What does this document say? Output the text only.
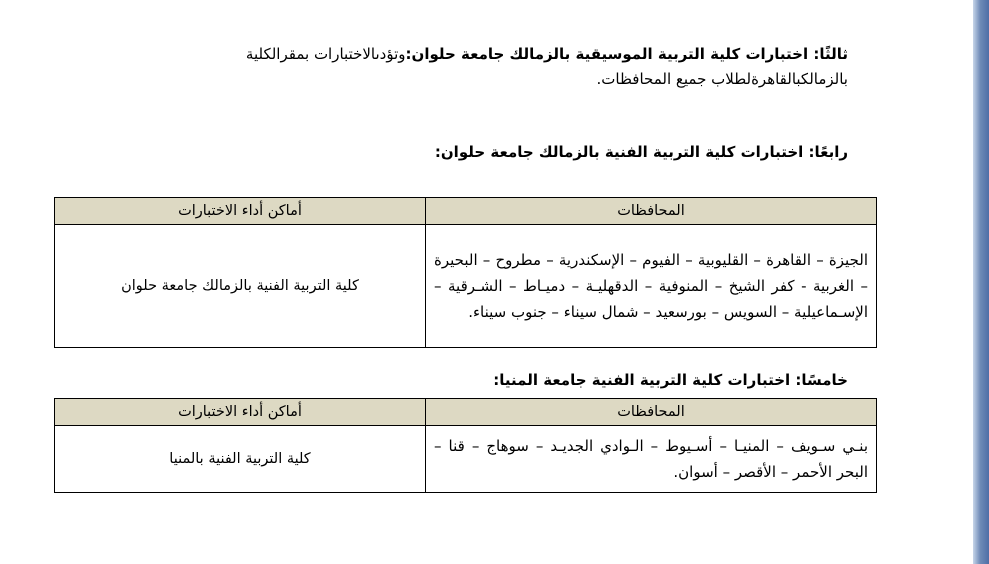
ثالثًا: اختبارات كلية التربية الموسيقية بالزمالك جامعة حلوان:وتؤدىالاختبارات بمقرالكلية بالزمالكبالقاهرةلطلاب جميع المحافظات.
رابعًا: اختبارات كلية التربية الفنية بالزمالك جامعة حلوان:
المحافظات	أماكن أداء الاختبارات
الجيزة – القاهرة – القليوبية – الفيوم – الإسكندرية – مطروح – البحيرة – الغربية - كفر الشيخ – المنوفية – الدقهليـة – دميـاط – الشـرقية – الإسـماعيلية – السويس – بورسعيد – شمال سيناء – جنوب سيناء.	كلية التربية الفنية بالزمالك جامعة حلوان
خامسًا: اختبارات كلية التربية الفنية جامعة المنيا:
المحافظات	أماكن أداء الاختبارات
بنـي سـويف – المنيـا – أسـيوط – الـوادي الجديـد – سوهاج – قنا – البحر الأحمر – الأقصر – أسوان.	كلية التربية الفنية بالمنيا
